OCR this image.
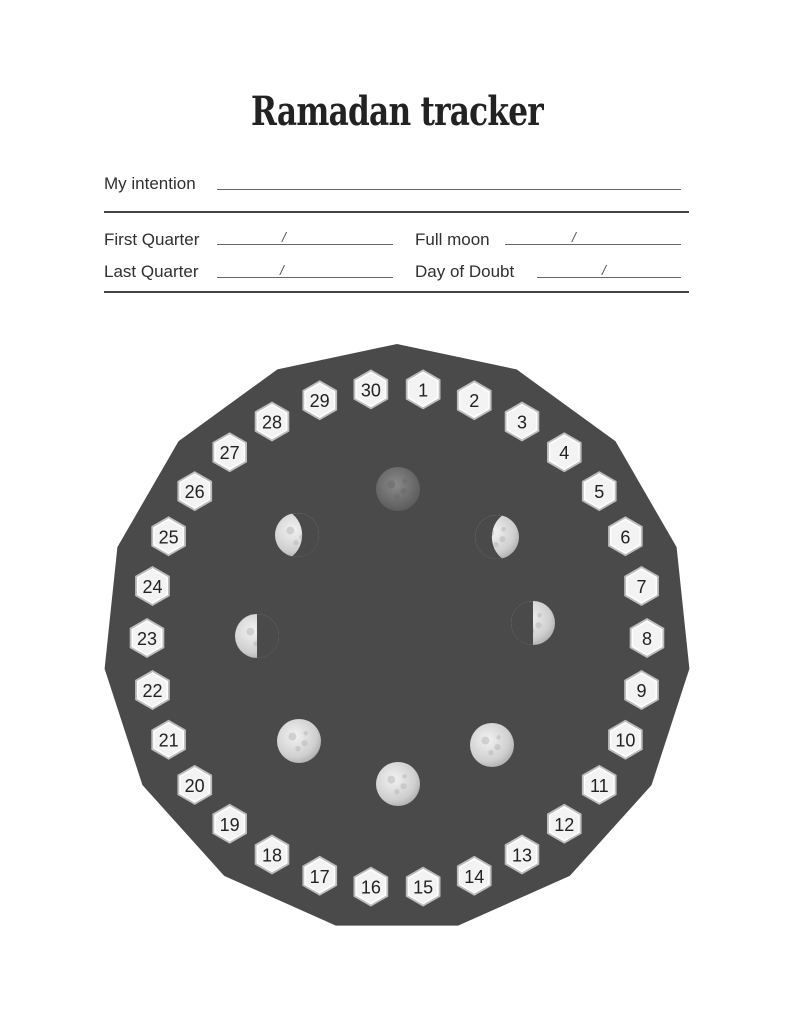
Ramadan tracker
My intention
First Quarter	/	Full moon	/
Last Quarter	/	Day of Doubt	/
1
2
3
4
5
6
7
8
9
10
11
12
13
14
15
16
17
18
19
20
21
22
23
24
25
26
27
28
29
30
